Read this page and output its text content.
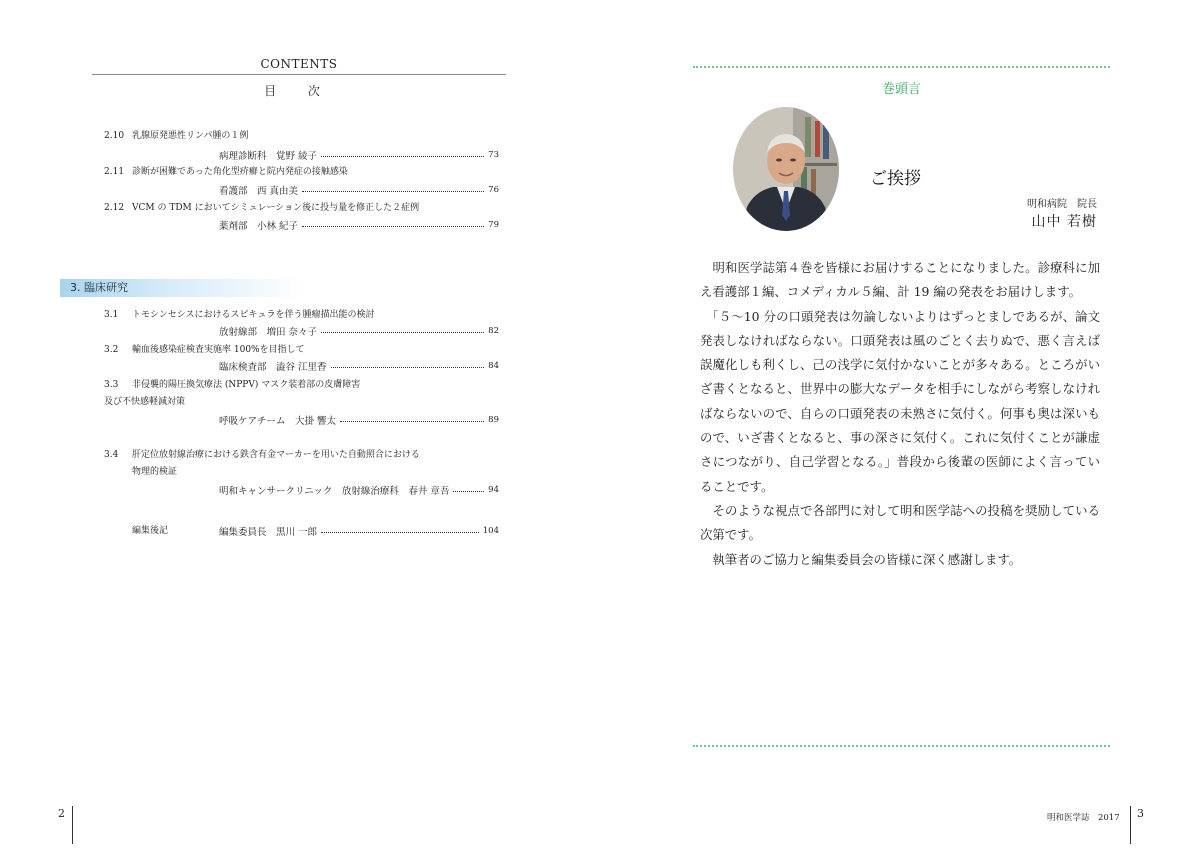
CONTENTS
目 次
2.10 乳腺原発悪性リンパ腫の１例
病理診断科　覚野 綾子	73
2.11 診断が困難であった角化型疥癬と院内発症の接触感染
看護部　西 真由美	76
2.12 VCM の TDM においてシミュレーション後に投与量を修正した２症例
薬剤部　小林 紀子	79
3. 臨床研究
3.1 トモシンセシスにおけるスピキュラを伴う腫瘤描出能の検討
放射線部　増田 奈々子	82
3.2 輸血後感染症検査実施率 100%を目指して
臨床検査部　澁谷 江里香	84
3.3 非侵襲的陽圧換気療法 (NPPV) マスク装着部の皮膚障害
及び不快感軽減対策
呼吸ケアチーム　大掛 響太	89
3.4 肝定位放射線治療における鉄含有金マーカーを用いた自動照合における
物理的検証
明和キャンサークリニック　放射線治療科　春井 章吾	94
編集後記	編集委員長　黒川 一郎	104
2
巻頭言
ご挨拶
明和病院　院長
山中 若樹

　明和医学誌第４巻を皆様にお届けすることになりました。診療科に加え看護部１編、コメディカル５編、計 19 編の発表をお届けします。

　「５～10 分の口頭発表は勿論しないよりはずっとましであるが、論文発表しなければならない。口頭発表は風のごとく去りぬで、悪く言えば誤魔化しも利くし、己の浅学に気付かないことが多々ある。ところがいざ書くとなると、世界中の膨大なデータを相手にしながら考察しなければならないので、自らの口頭発表の未熟さに気付く。何事も奥は深いもので、いざ書くとなると、事の深さに気付く。これに気付くことが謙虚さにつながり、自己学習となる。」普段から後輩の医師によく言っていることです。

　そのような視点で各部門に対して明和医学誌への投稿を奨励している次第です。

　執筆者のご協力と編集委員会の皆様に深く感謝します。

明和医学誌　2017 3
